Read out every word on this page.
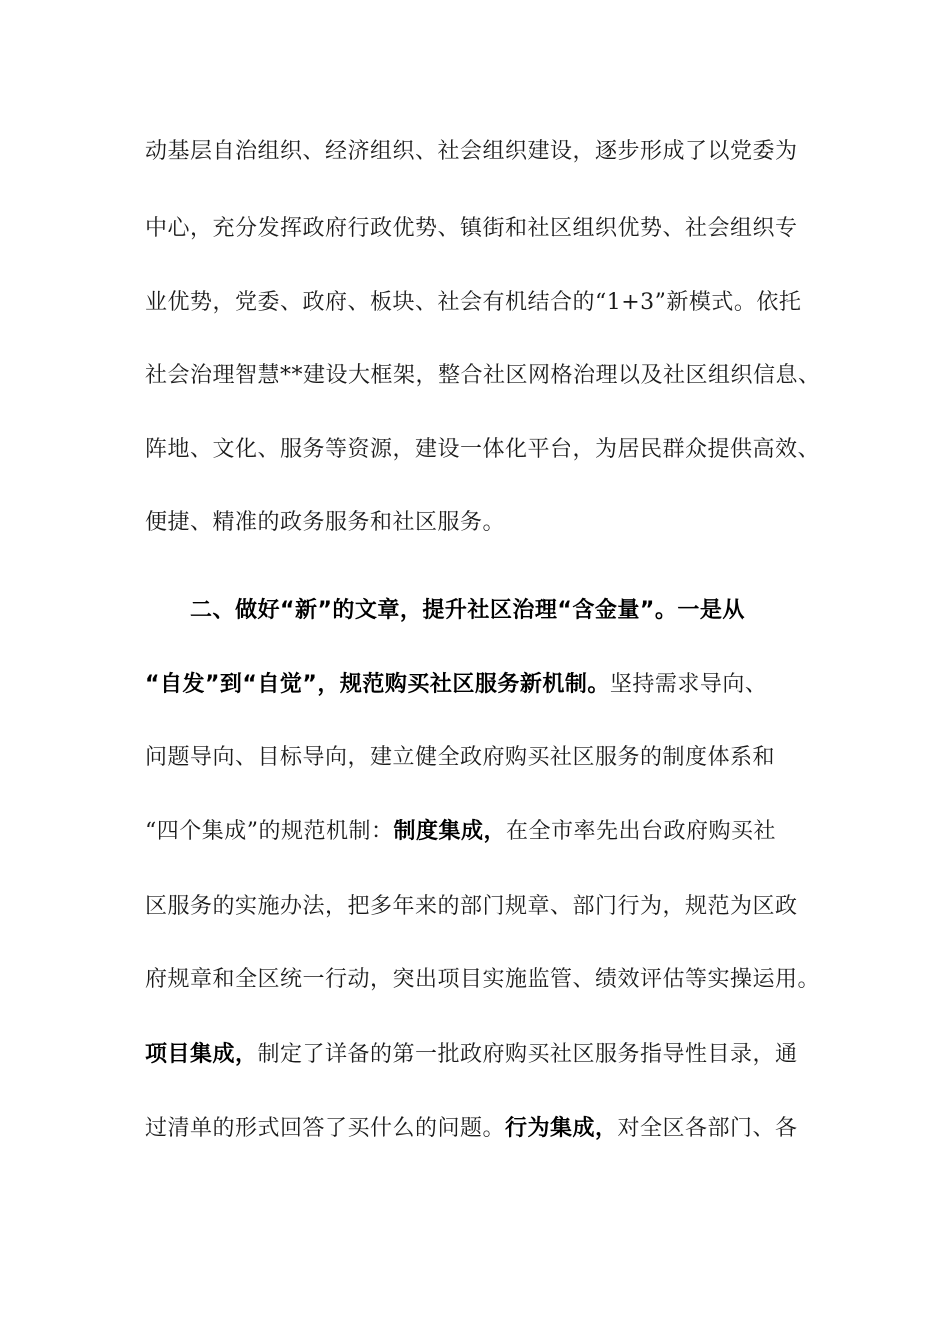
动基层自治组织、经济组织、社会组织建设，逐步形成了以党委为
中心，充分发挥政府行政优势、镇街和社区组织优势、社会组织专
业优势，党委、政府、板块、社会有机结合的“1+3”新模式。依托
社会治理智慧**建设大框架，整合社区网格治理以及社区组织信息、
阵地、文化、服务等资源，建设一体化平台，为居民群众提供高效、
便捷、精准的政务服务和社区服务。
二、做好“新”的文章，提升社区治理“含金量”。一是从
“自发”到“自觉”，规范购买社区服务新机制。坚持需求导向、
问题导向、目标导向，建立健全政府购买社区服务的制度体系和
“四个集成”的规范机制：制度集成，在全市率先出台政府购买社
区服务的实施办法，把多年来的部门规章、部门行为，规范为区政
府规章和全区统一行动，突出项目实施监管、绩效评估等实操运用。
项目集成，制定了详备的第一批政府购买社区服务指导性目录，通
过清单的形式回答了买什么的问题。行为集成，对全区各部门、各
